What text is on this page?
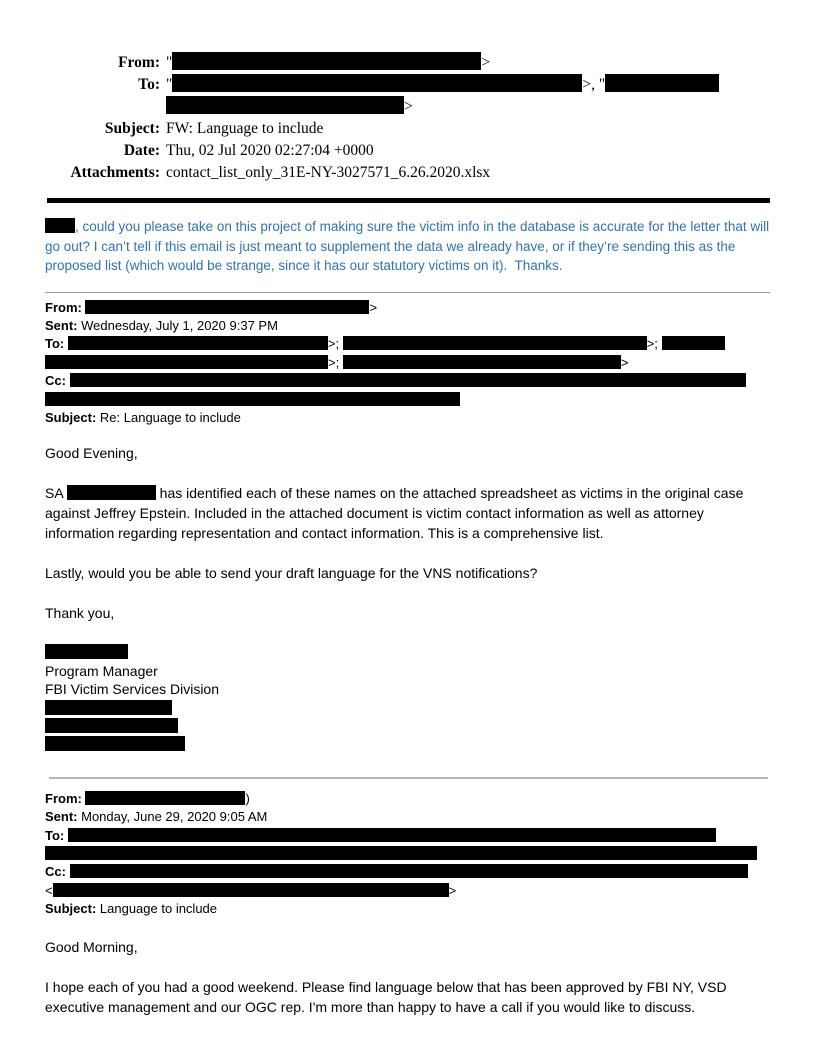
From: "	>
To: "	>, "
>
Subject: FW: Language to include
Date: Thu, 02 Jul 2020 02:27:04 +0000
Attachments: contact_list_only_31E-NY-3027571_6.26.2020.xlsx
, could you please take on this project of making sure the victim info in the database is accurate for the letter that will
go out? I can’t tell if this email is just meant to supplement the data we already have, or if they’re sending this as the
proposed list (which would be strange, since it has our statutory victims on it).  Thanks.
From:	>
Sent: Wednesday, July 1, 2020 9:37 PM
To:	>;	>;
>;	>
Cc:
Subject: Re: Language to include
Good Evening,
SA	has identified each of these names on the attached spreadsheet as victims in the original case
against Jeffrey Epstein. Included in the attached document is victim contact information as well as attorney
information regarding representation and contact information. This is a comprehensive list.
Lastly, would you be able to send your draft language for the VNS notifications?
Thank you,
Program Manager
FBI Victim Services Division
From:	)
Sent: Monday, June 29, 2020 9:05 AM
To:
Cc:
<	>
Subject: Language to include
Good Morning,
I hope each of you had a good weekend. Please find language below that has been approved by FBI NY, VSD
executive management and our OGC rep. I'm more than happy to have a call if you would like to discuss.
